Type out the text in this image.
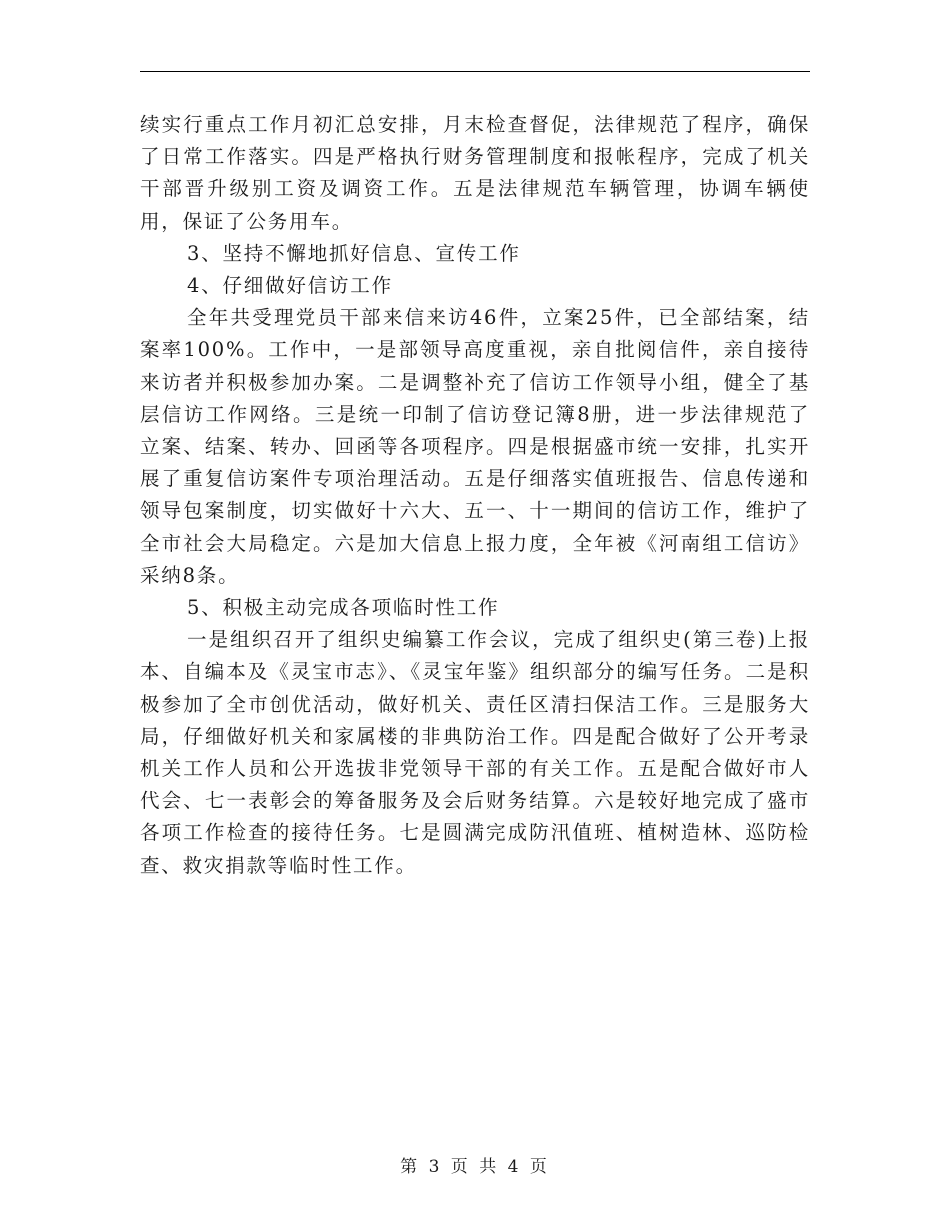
续实行重点工作月初汇总安排，月末检查督促，法律规范了程序，确保了日常工作落实。四是严格执行财务管理制度和报帐程序，完成了机关干部晋升级别工资及调资工作。五是法律规范车辆管理，协调车辆使用，保证了公务用车。

3、坚持不懈地抓好信息、宣传工作

4、仔细做好信访工作

全年共受理党员干部来信来访46件，立案25件，已全部结案，结案率100%。工作中，一是部领导高度重视，亲自批阅信件，亲自接待来访者并积极参加办案。二是调整补充了信访工作领导小组，健全了基层信访工作网络。三是统一印制了信访登记簿8册，进一步法律规范了立案、结案、转办、回函等各项程序。四是根据盛市统一安排，扎实开展了重复信访案件专项治理活动。五是仔细落实值班报告、信息传递和领导包案制度，切实做好十六大、五一、十一期间的信访工作，维护了全市社会大局稳定。六是加大信息上报力度，全年被《河南组工信访》采纳8条。

5、积极主动完成各项临时性工作

一是组织召开了组织史编纂工作会议，完成了组织史(第三卷)上报本、自编本及《灵宝市志》、《灵宝年鉴》组织部分的编写任务。二是积极参加了全市创优活动，做好机关、责任区清扫保洁工作。三是服务大局，仔细做好机关和家属楼的非典防治工作。四是配合做好了公开考录机关工作人员和公开选拔非党领导干部的有关工作。五是配合做好市人代会、七一表彰会的筹备服务及会后财务结算。六是较好地完成了盛市各项工作检查的接待任务。七是圆满完成防汛值班、植树造林、巡防检查、救灾捐款等临时性工作。

第 3 页 共 4 页
